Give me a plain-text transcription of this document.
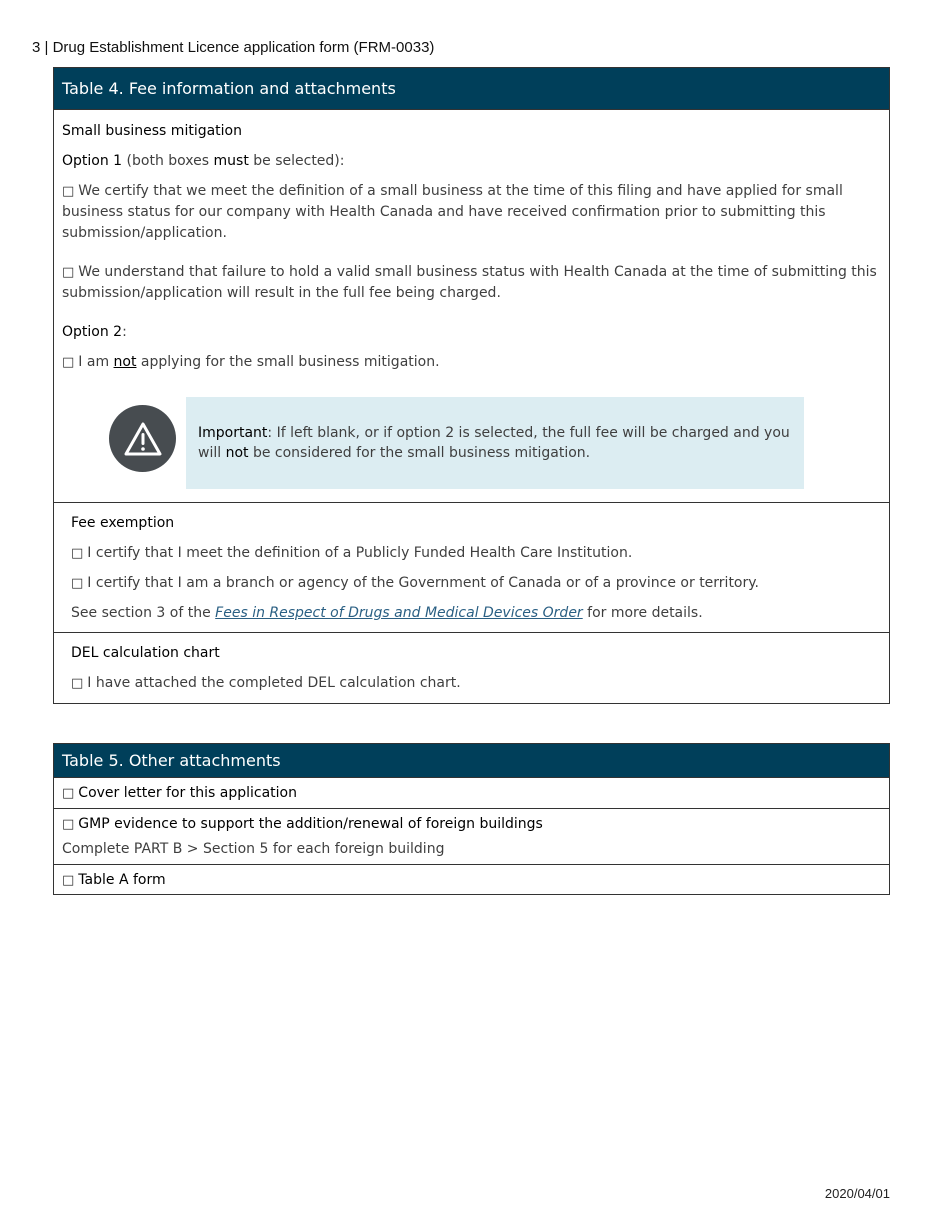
3 | Drug Establishment Licence application form (FRM-0033)
Table 4. Fee information and attachments

Small business mitigation

Option 1 (both boxes must be selected):

□ We certify that we meet the definition of a small business at the time of this filing and have applied for small business status for our company with Health Canada and have received confirmation prior to submitting this submission/application.

□ We understand that failure to hold a valid small business status with Health Canada at the time of submitting this submission/application will result in the full fee being charged.

Option 2:

□ I am not applying for the small business mitigation.

Important: If left blank, or if option 2 is selected, the full fee will be charged and you will not be considered for the small business mitigation.

Fee exemption

□ I certify that I meet the definition of a Publicly Funded Health Care Institution.

□ I certify that I am a branch or agency of the Government of Canada or of a province or territory.

See section 3 of the Fees in Respect of Drugs and Medical Devices Order for more details.

DEL calculation chart

□ I have attached the completed DEL calculation chart.

Table 5. Other attachments

□ Cover letter for this application

□ GMP evidence to support the addition/renewal of foreign buildings

Complete PART B > Section 5 for each foreign building

□ Table A form

2020/04/01
